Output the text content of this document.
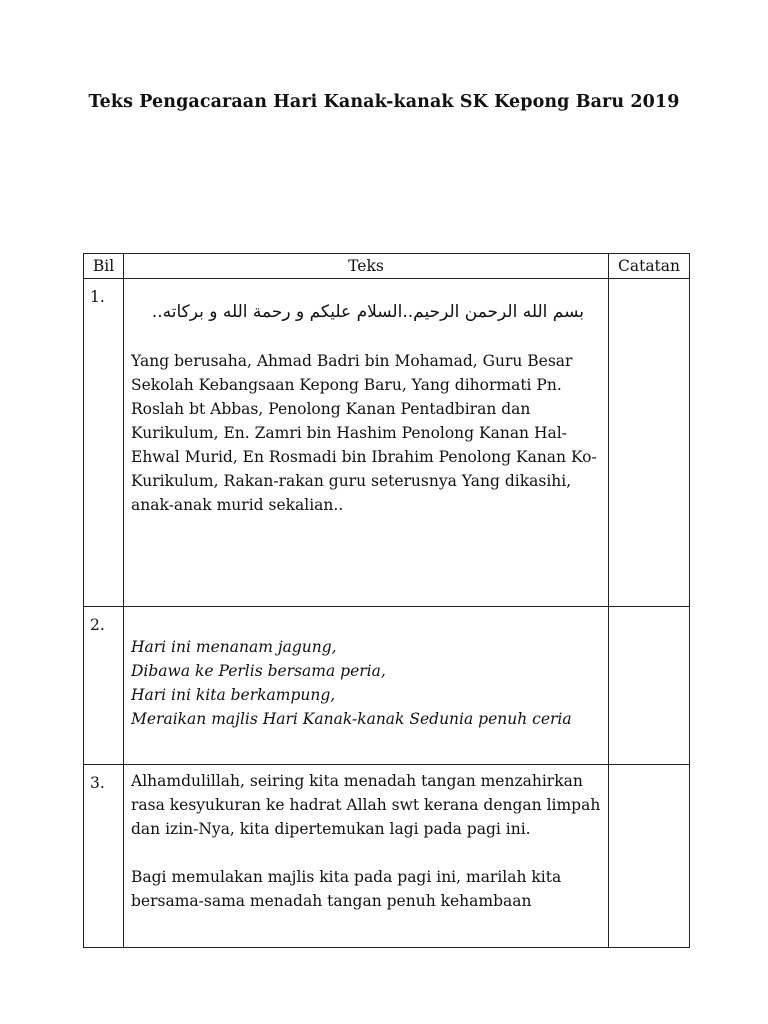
Teks Pengacaraan Hari Kanak-kanak SK Kepong Baru 2019
Bil	Teks	Catatan
1.	بسم الله الرحمن الرحيم..السلام عليكم و رحمة الله و بركاته..

Yang berusaha, Ahmad Badri bin Mohamad, Guru Besar Sekolah Kebangsaan Kepong Baru, Yang dihormati Pn. Roslah bt Abbas, Penolong Kanan Pentadbiran dan Kurikulum, En. Zamri bin Hashim Penolong Kanan Hal-Ehwal Murid, En Rosmadi bin Ibrahim Penolong Kanan Ko-Kurikulum, Rakan-rakan guru seterusnya Yang dikasihi, anak-anak murid sekalian..	

2.	Hari ini menanam jagung,
Dibawa ke Perlis bersama peria,
Hari ini kita berkampung,
Meraikan majlis Hari Kanak-kanak Sedunia penuh ceria	

3.	Alhamdulillah, seiring kita menadah tangan menzahirkan rasa kesyukuran ke hadrat Allah swt kerana dengan limpah dan izin-Nya, kita dipertemukan lagi pada pagi ini.

Bagi memulakan majlis kita pada pagi ini, marilah kita bersama-sama menadah tangan penuh kehambaan	
